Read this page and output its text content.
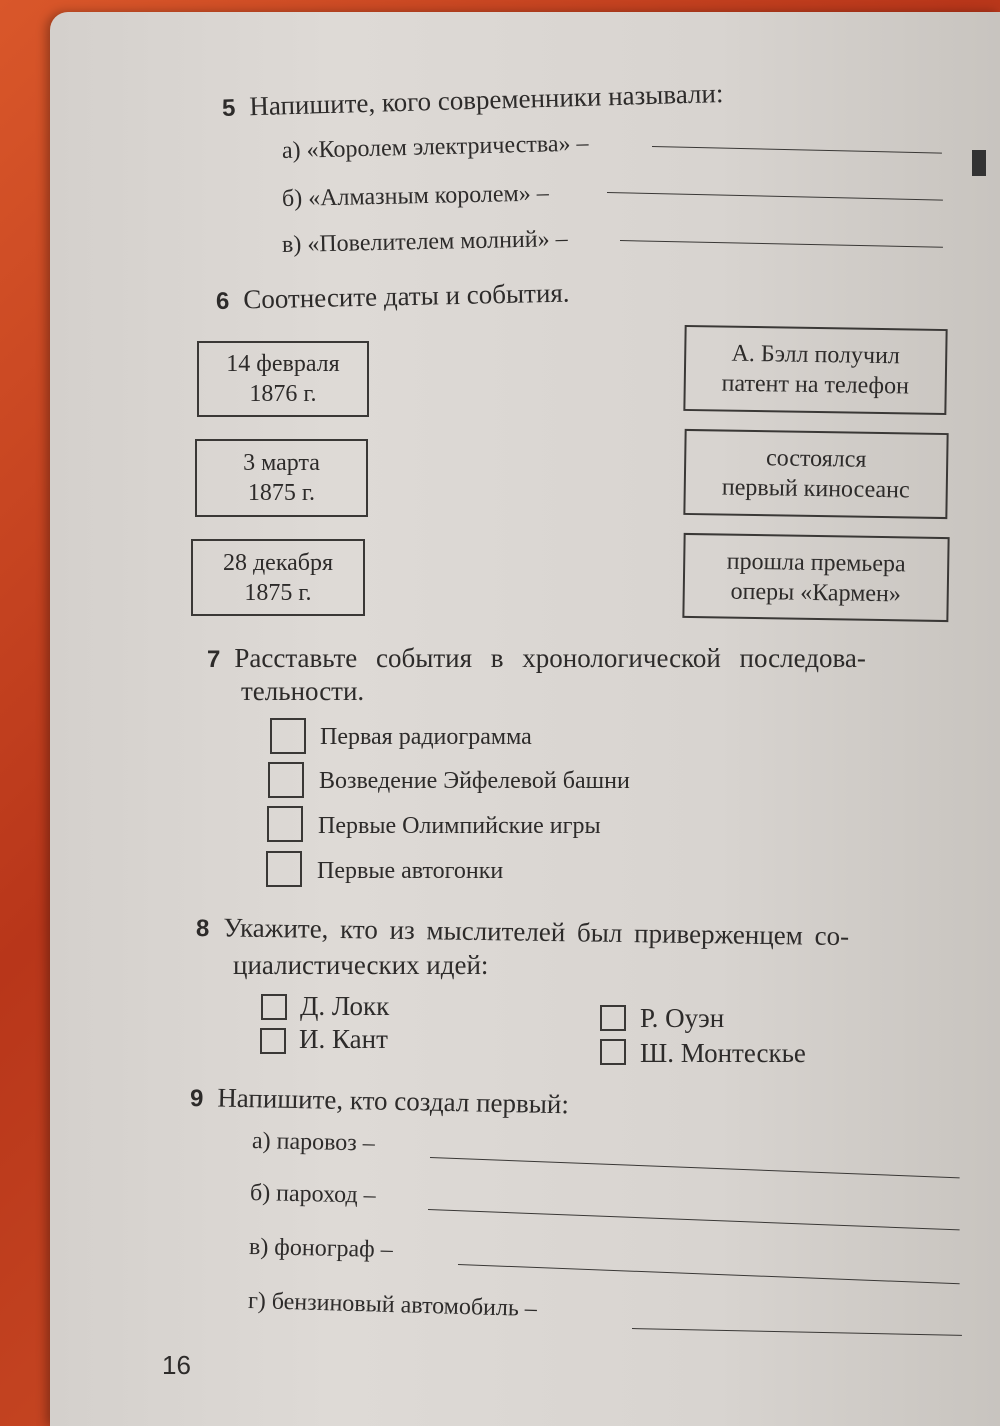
5 Напишите, кого современники называли:
а) «Королем электричества» –
б) «Алмазным королем» –
в) «Повелителем молний» –
6 Соотнесите даты и события.
14 февраля
1876 г.
3 марта
1875 г.
28 декабря
1875 г.
А. Бэлл получил
патент на телефон
состоялся
первый киносеанс
прошла премьера
оперы «Кармен»
7 Расставьте события в хронологической последова-
тельности.
Первая радиограмма
Возведение Эйфелевой башни
Первые Олимпийские игры
Первые автогонки
8 Укажите, кто из мыслителей был приверженцем со-
циалистических идей:
Д. Локк
И. Кант
Р. Оуэн
Ш. Монтескье
9 Напишите, кто создал первый:
а) паровоз –
б) пароход –
в) фонограф –
г) бензиновый автомобиль –
16
